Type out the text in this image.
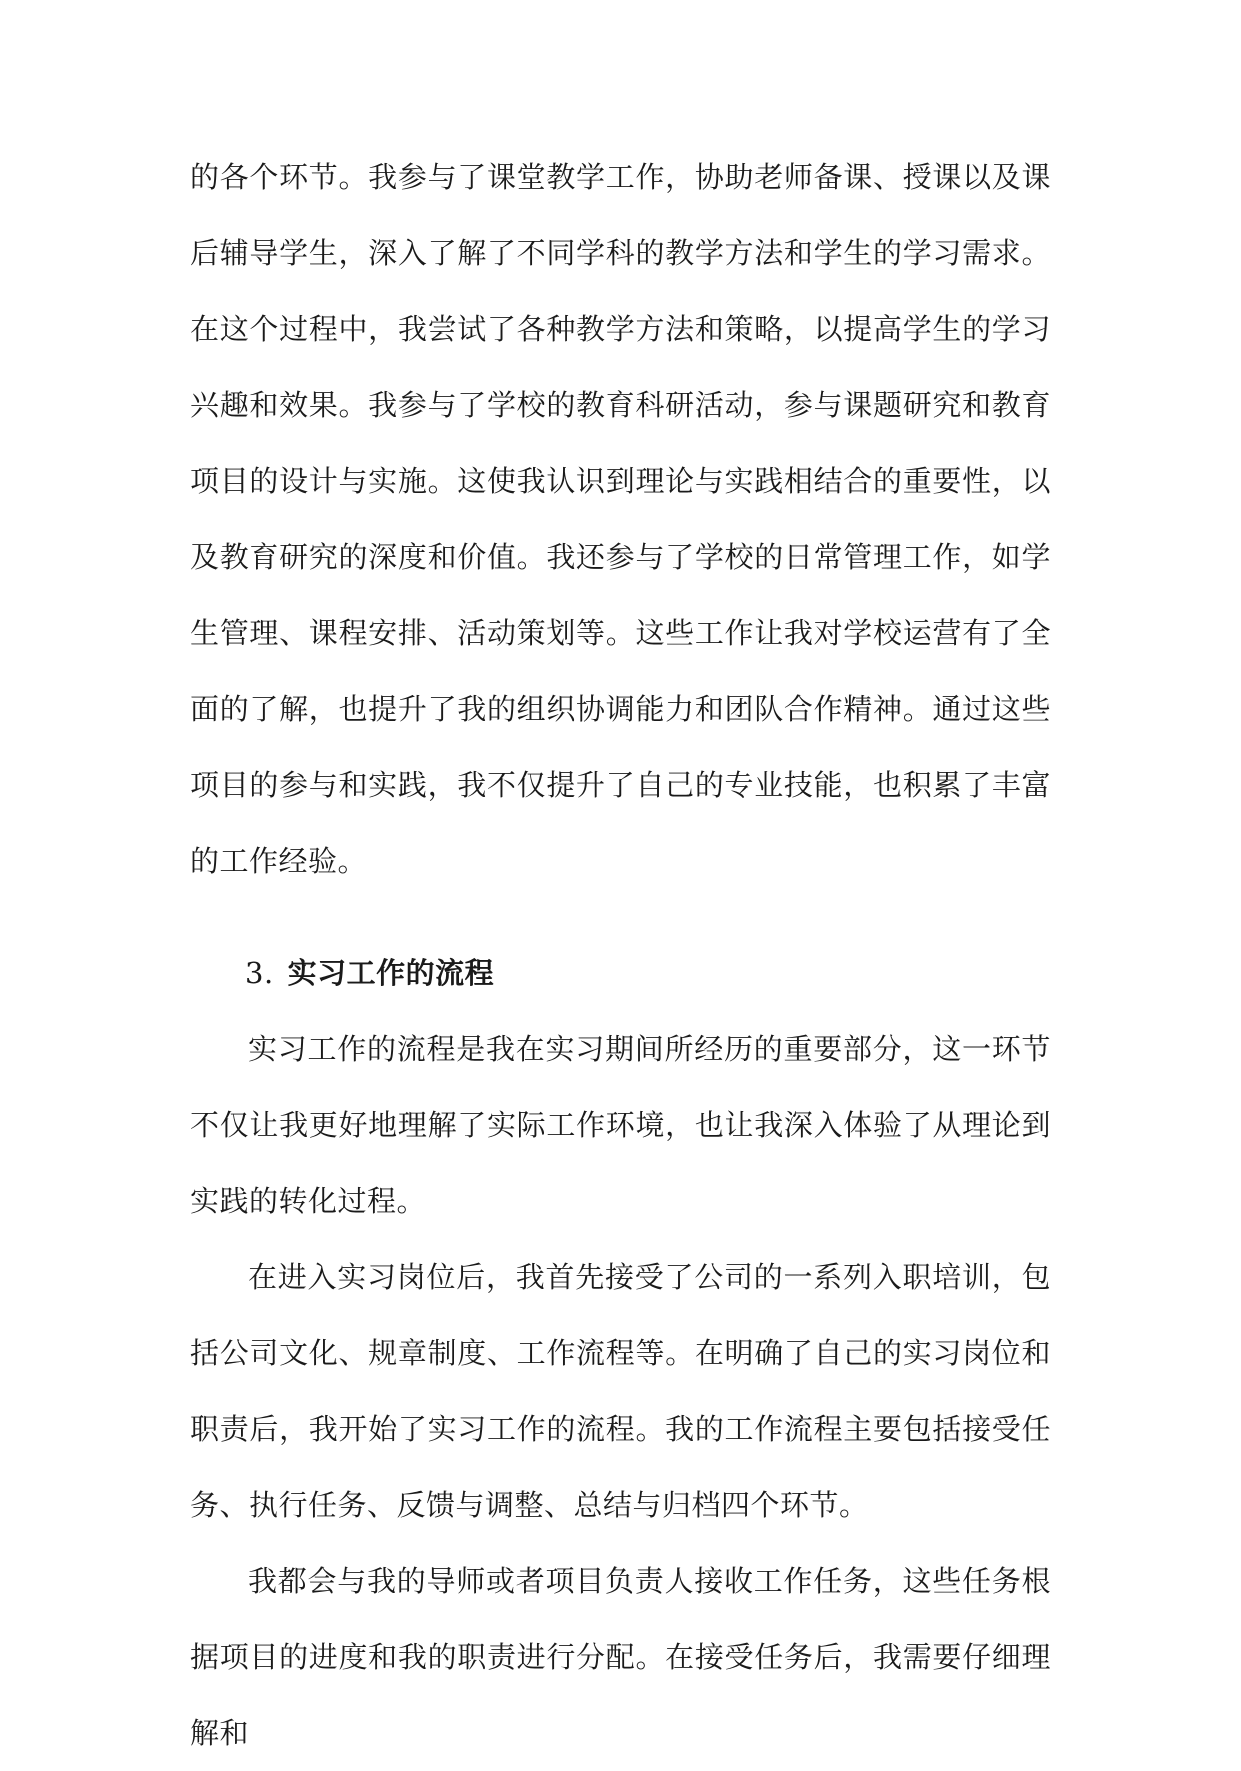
的各个环节。我参与了课堂教学工作，协助老师备课、授课以及课后辅导学生，深入了解了不同学科的教学方法和学生的学习需求。在这个过程中，我尝试了各种教学方法和策略，以提高学生的学习兴趣和效果。我参与了学校的教育科研活动，参与课题研究和教育项目的设计与实施。这使我认识到理论与实践相结合的重要性，以及教育研究的深度和价值。我还参与了学校的日常管理工作，如学生管理、课程安排、活动策划等。这些工作让我对学校运营有了全面的了解，也提升了我的组织协调能力和团队合作精神。通过这些项目的参与和实践，我不仅提升了自己的专业技能，也积累了丰富的工作经验。

3. 实习工作的流程

实习工作的流程是我在实习期间所经历的重要部分，这一环节不仅让我更好地理解了实际工作环境，也让我深入体验了从理论到实践的转化过程。

在进入实习岗位后，我首先接受了公司的一系列入职培训，包括公司文化、规章制度、工作流程等。在明确了自己的实习岗位和职责后，我开始了实习工作的流程。我的工作流程主要包括接受任务、执行任务、反馈与调整、总结与归档四个环节。

我都会与我的导师或者项目负责人接收工作任务，这些任务根据项目的进度和我的职责进行分配。在接受任务后，我需要仔细理解和
